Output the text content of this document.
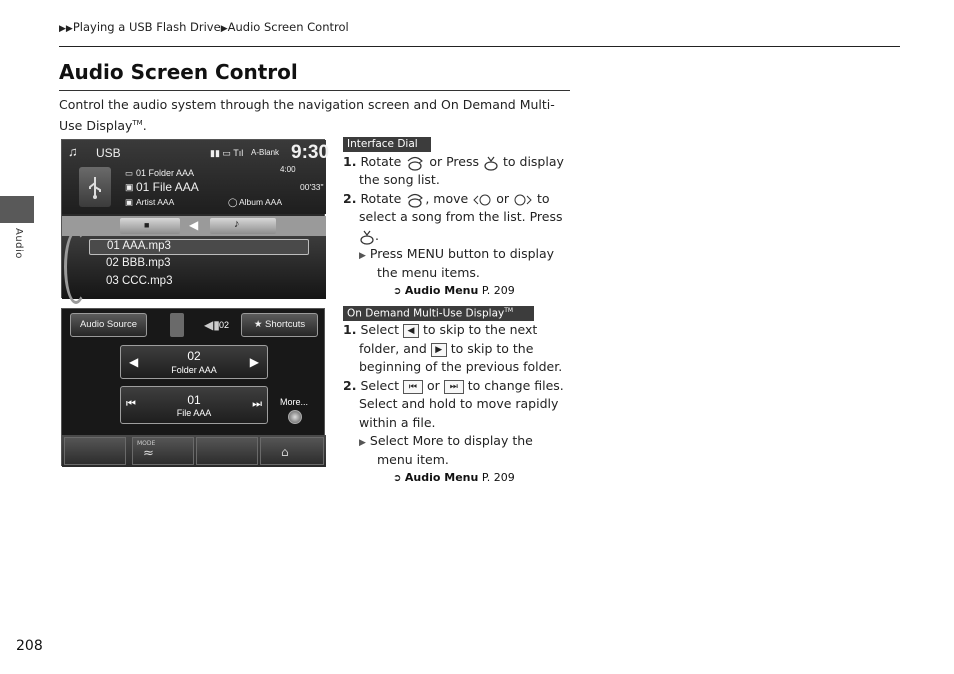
▶▶Playing a USB Flash Drive▶Audio Screen Control
Audio Screen Control
Control the audio system through the navigation screen and On Demand Multi-Use Display™.
Audio
208
♫ USB	▮▮ ▭ Tıl A-Blank 9:30
▭ 01 Folder AAA
▣ 01 File AAA
▣ Artist AAA	◯ Album AAA
4:00
00'33"
■	◀	♪
01 AAA.mp3
02 BBB.mp3
03 CCC.mp3
Audio Source	◀▮ 02	★ Shortcuts
◀	02
Folder AAA
▶
⏮	01
File AAA
⏭ More...
MODE
≈	⌂
Interface Dial
1. Rotate or Press to display
the song list.
2. Rotate , move or to
select a song from the list. Press
.
▶ Press MENU button to display
the menu items.
➲ Audio Menu P. 209
On Demand Multi-Use Display™
1. Select ◀ to skip to the next
folder, and ▶ to skip to the
beginning of the previous folder.
2. Select ⏮ or ⏭ to change files.
Select and hold to move rapidly
within a file.
▶ Select More to display the
menu item.
➲ Audio Menu P. 209
